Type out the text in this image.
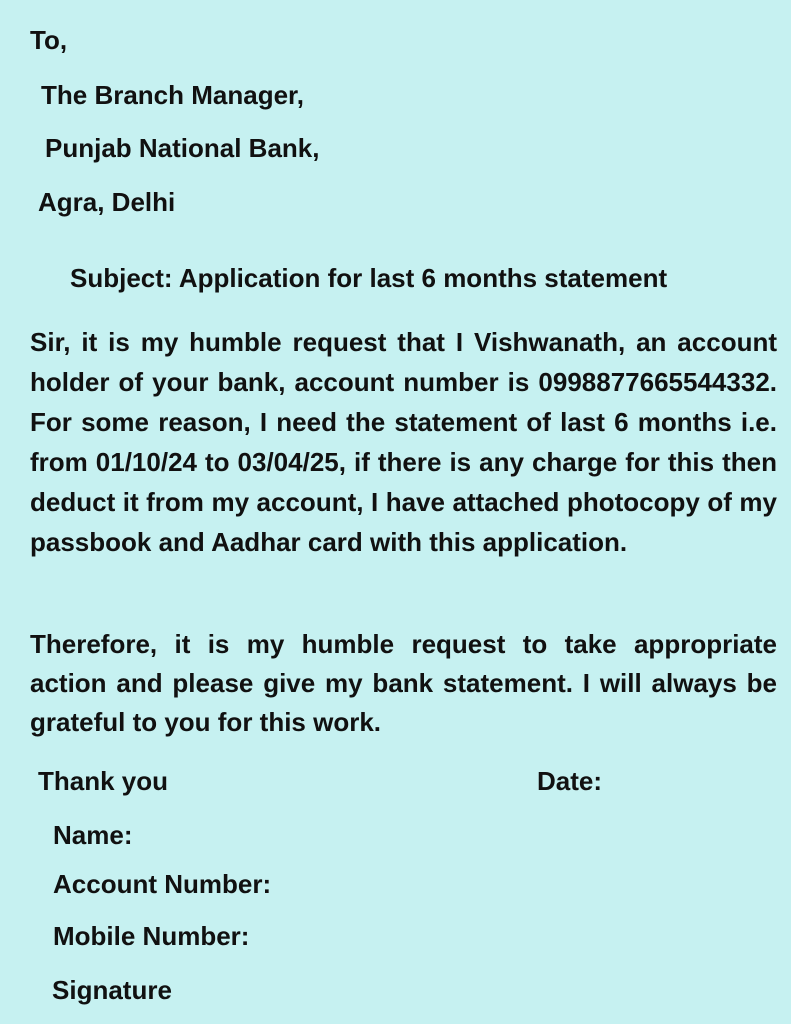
To,
The Branch Manager,
Punjab National Bank,
Agra, Delhi
Subject: Application for last 6 months statement
Sir, it is my humble request that I Vishwanath, an account holder of your bank, account number is 0998877665544332. For some reason, I need the statement of last 6 months i.e. from 01/10/24 to 03/04/25, if there is any charge for this then deduct it from my account, I have attached photocopy of my passbook and Aadhar card with this application.
Therefore, it is my humble request to take appropriate action and please give my bank statement. I will always be grateful to you for this work.
Thank you	Date:
Name:
Account Number:
Mobile Number:
Signature
